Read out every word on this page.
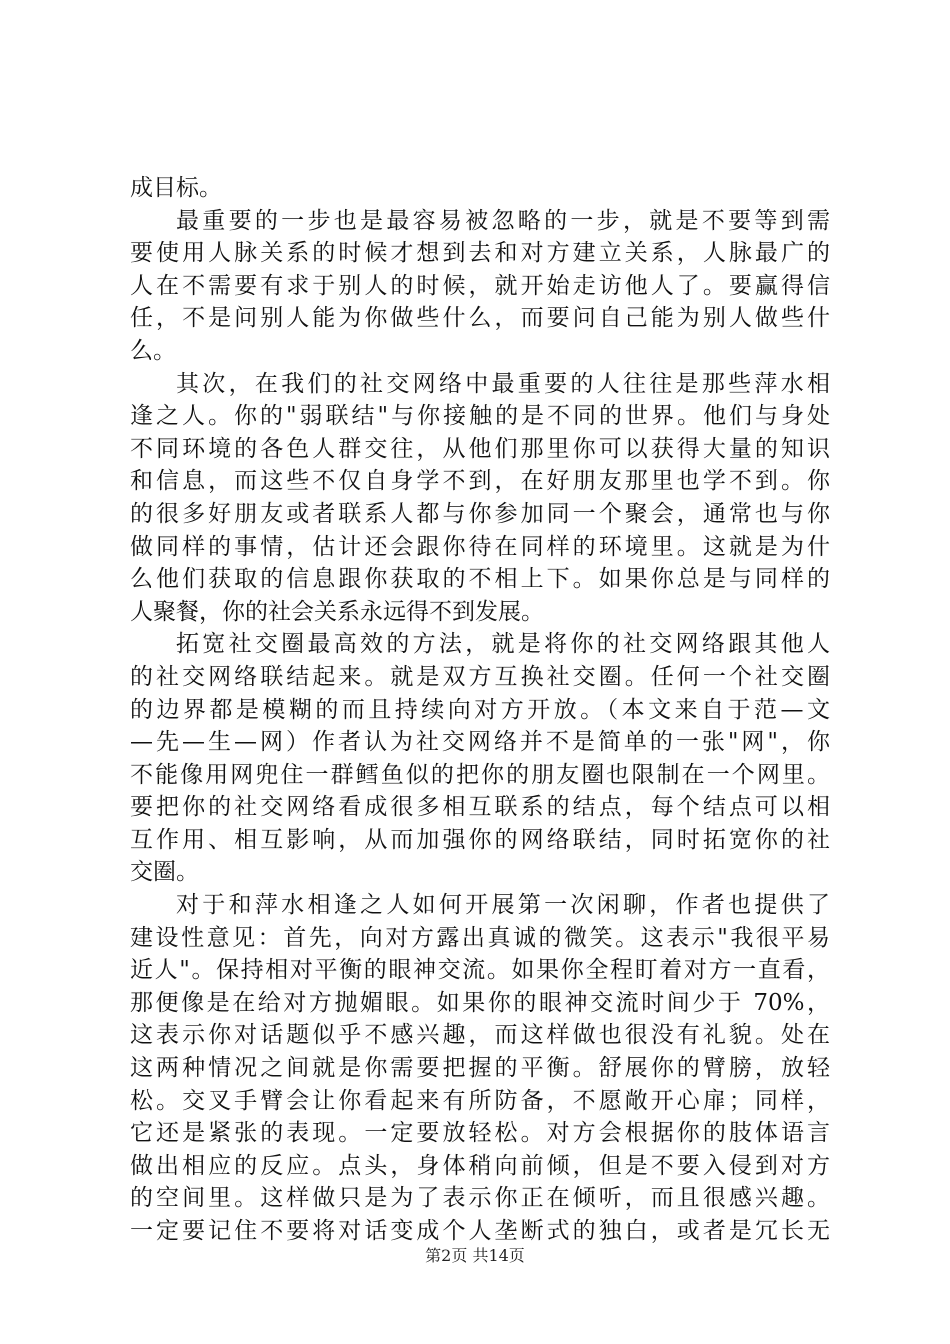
成目标。
最重要的一步也是最容易被忽略的一步，就是不要等到需
要使用人脉关系的时候才想到去和对方建立关系，人脉最广的
人在不需要有求于别人的时候，就开始走访他人了。要赢得信
任，不是问别人能为你做些什么，而要问自己能为别人做些什
么。
其次，在我们的社交网络中最重要的人往往是那些萍水相
逢之人。你的"弱联结"与你接触的是不同的世界。他们与身处
不同环境的各色人群交往，从他们那里你可以获得大量的知识
和信息，而这些不仅自身学不到，在好朋友那里也学不到。你
的很多好朋友或者联系人都与你参加同一个聚会，通常也与你
做同样的事情，估计还会跟你待在同样的环境里。这就是为什
么他们获取的信息跟你获取的不相上下。如果你总是与同样的
人聚餐，你的社会关系永远得不到发展。
拓宽社交圈最高效的方法，就是将你的社交网络跟其他人
的社交网络联结起来。就是双方互换社交圈。任何一个社交圈
的边界都是模糊的而且持续向对方开放。（本文来自于范—文
—先—生—网）作者认为社交网络并不是简单的一张"网"，你
不能像用网兜住一群鳕鱼似的把你的朋友圈也限制在一个网里。
要把你的社交网络看成很多相互联系的结点，每个结点可以相
互作用、相互影响，从而加强你的网络联结，同时拓宽你的社
交圈。
对于和萍水相逢之人如何开展第一次闲聊，作者也提供了
建设性意见：首先，向对方露出真诚的微笑。这表示"我很平易
近人"。保持相对平衡的眼神交流。如果你全程盯着对方一直看，
那便像是在给对方抛媚眼。如果你的眼神交流时间少于 70%，
这表示你对话题似乎不感兴趣，而这样做也很没有礼貌。处在
这两种情况之间就是你需要把握的平衡。舒展你的臂膀，放轻
松。交叉手臂会让你看起来有所防备，不愿敞开心扉；同样，
它还是紧张的表现。一定要放轻松。对方会根据你的肢体语言
做出相应的反应。点头，身体稍向前倾，但是不要入侵到对方
的空间里。这样做只是为了表示你正在倾听，而且很感兴趣。
一定要记住不要将对话变成个人垄断式的独白，或者是冗长无
第2页 共14页
